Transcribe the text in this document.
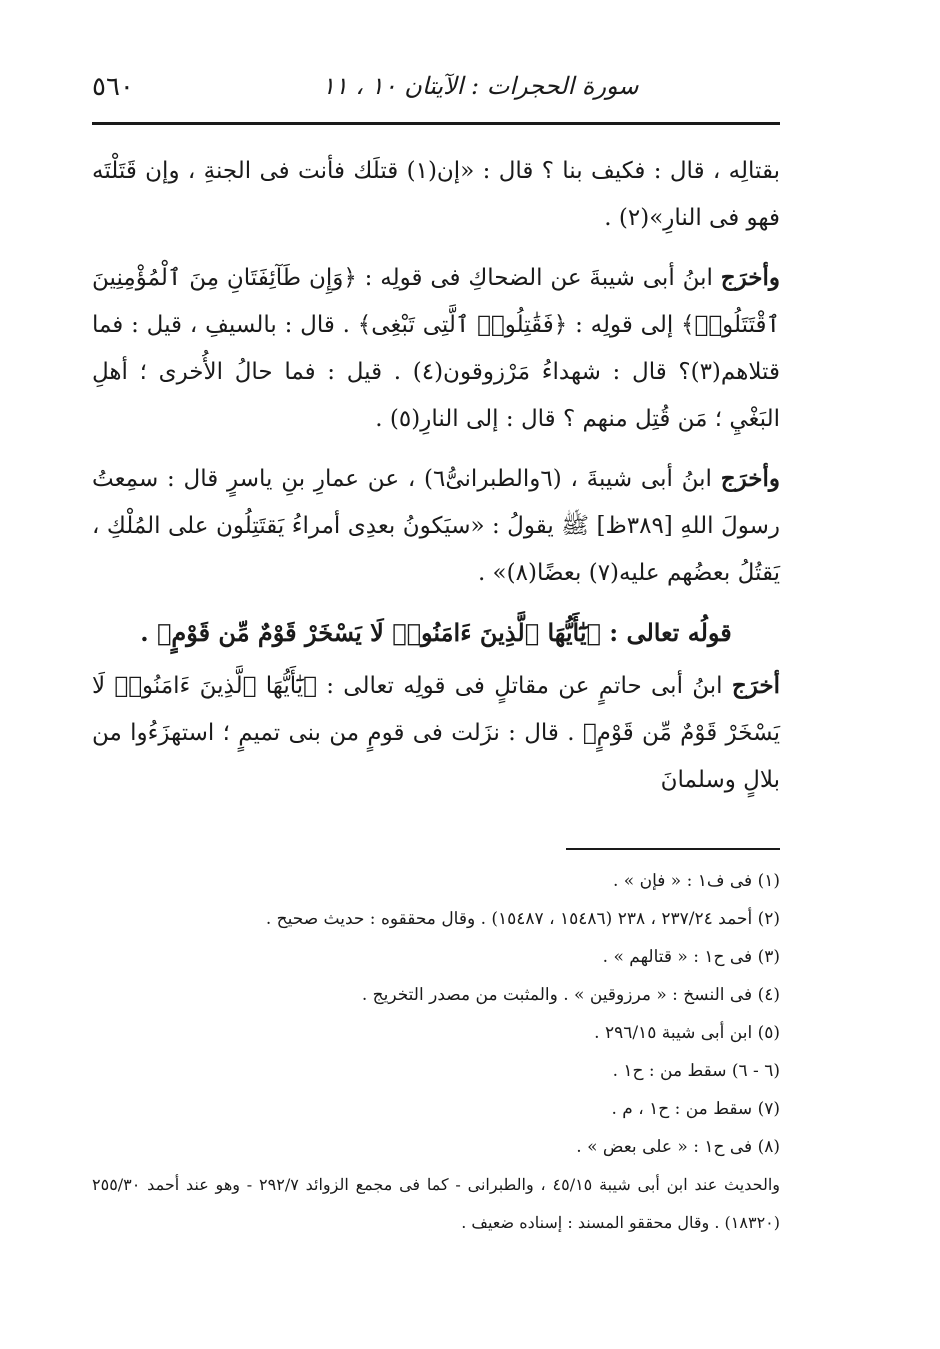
٥٦٠	سورة الحجرات : الآيتان ١٠ ، ١١

بقتالِه ، قال : فكيف بنا ؟ قال : «إن(١) قتلَك فأنت فى الجنةِ ، وإن قَتَلْتَه فهو فى النارِ»(٢) .

وأخرَج ابنُ أبى شيبةَ عن الضحاكِ فى قولِه : ﴿وَإِن طَآئِفَتَانِ مِنَ ٱلْمُؤْمِنِينَ ٱقْتَتَلُوا۟﴾ إلى قولِه : ﴿فَقَٰتِلُوا۟ ٱلَّتِى تَبْغِى﴾ . قال : بالسيفِ ، قيل : فما قتلاهم(٣)؟ قال : شهداءُ مَرْزوقون(٤) . قيل : فما حالُ الأُخرى ؛ أهلِ البَغْيِ ؛ مَن قُتِل منهم ؟ قال : إلى النارِ(٥) .

وأخرَج ابنُ أبى شيبةَ ، (٦والطبرانىُّ٦) ، عن عمارِ بنِ ياسرٍ قال : سمِعتُ رسولَ اللهِ [٣٨٩ظ] ﷺ يقولُ : «سيَكونُ بعدِى أمراءُ يَقتَتِلُون على المُلْكِ ، يَقتُلُ بعضُهم عليه(٧) بعضًا(٨)» .

قولُه تعالى : ﴿يَٰٓأَيُّهَا ٱلَّذِينَ ءَامَنُوا۟ لَا يَسْخَرْ قَوْمٌ مِّن قَوْمٍ﴾ .

أخرَج ابنُ أبى حاتمٍ عن مقاتلٍ فى قولِه تعالى : ﴿يَٰٓأَيُّهَا ٱلَّذِينَ ءَامَنُوا۟ لَا يَسْخَرْ قَوْمٌ مِّن قَوْمٍ﴾ . قال : نزَلت فى قومٍ من بنى تميمٍ ؛ استهزَءُوا من بلالٍ وسلمانَ

(١) فى ف١ : « فإن » .

(٢) أحمد ٢٣٧/٢٤ ، ٢٣٨ (١٥٤٨٦ ، ١٥٤٨٧) . وقال محققوه : حديث صحيح .

(٣) فى ح١ : « قتالهم » .

(٤) فى النسخ : « مرزوقين » . والمثبت من مصدر التخريج .

(٥) ابن أبى شيبة ٢٩٦/١٥ .

(٦ - ٦) سقط من : ح١ .

(٧) سقط من : ح١ ، م .

(٨) فى ح١ : « على بعض » .

والحديث عند ابن أبى شيبة ٤٥/١٥ ، والطبرانى - كما فى مجمع الزوائد ٢٩٢/٧ - وهو عند أحمد ٢٥٥/٣٠ (١٨٣٢٠) . وقال محققو المسند : إسناده ضعيف .
